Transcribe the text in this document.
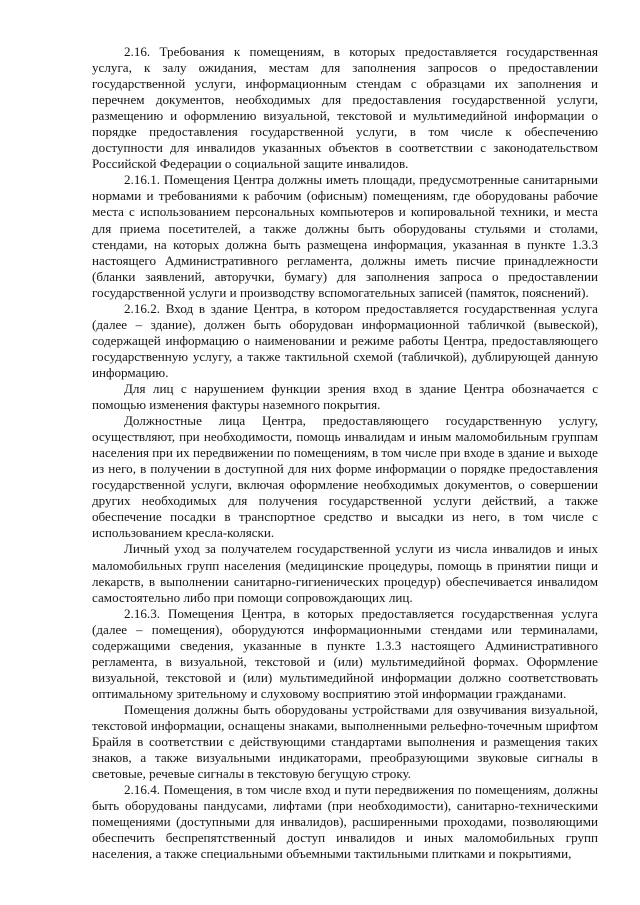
2.16. Требования к помещениям, в которых предоставляется государственная услуга, к залу ожидания, местам для заполнения запросов о предоставлении государственной услуги, информационным стендам с образцами их заполнения и перечнем документов, необходимых для предоставления государственной услуги, размещению и оформлению визуальной, текстовой и мультимедийной информации о порядке предоставления государственной услуги, в том числе к обеспечению доступности для инвалидов указанных объектов в соответствии с законодательством Российской Федерации о социальной защите инвалидов.

2.16.1. Помещения Центра должны иметь площади, предусмотренные санитарными нормами и требованиями к рабочим (офисным) помещениям, где оборудованы рабочие места с использованием персональных компьютеров и копировальной техники, и места для приема посетителей, а также должны быть оборудованы стульями и столами, стендами, на которых должна быть размещена информация, указанная в пункте 1.3.3 настоящего Административного регламента, должны иметь писчие принадлежности (бланки заявлений, авторучки, бумагу) для заполнения запроса о предоставлении государственной услуги и производству вспомогательных записей (памяток, пояснений).

2.16.2. Вход в здание Центра, в котором предоставляется государственная услуга (далее – здание), должен быть оборудован информационной табличкой (вывеской), содержащей информацию о наименовании и режиме работы Центра, предоставляющего государственную услугу, а также тактильной схемой (табличкой), дублирующей данную информацию.

Для лиц с нарушением функции зрения вход в здание Центра обозначается с помощью изменения фактуры наземного покрытия.

Должностные лица Центра, предоставляющего государственную услугу, осуществляют, при необходимости, помощь инвалидам и иным маломобильным группам населения при их передвижении по помещениям, в том числе при входе в здание и выходе из него, в получении в доступной для них форме информации о порядке предоставления государственной услуги, включая оформление необходимых документов, о совершении других необходимых для получения государственной услуги действий, а также обеспечение посадки в транспортное средство и высадки из него, в том числе с использованием кресла-коляски.

Личный уход за получателем государственной услуги из числа инвалидов и иных маломобильных групп населения (медицинские процедуры, помощь в принятии пищи и лекарств, в выполнении санитарно-гигиенических процедур) обеспечивается инвалидом самостоятельно либо при помощи сопровождающих лиц.

2.16.3. Помещения Центра, в которых предоставляется государственная услуга (далее – помещения), оборудуются информационными стендами или терминалами, содержащими сведения, указанные в пункте 1.3.3 настоящего Административного регламента, в визуальной, текстовой и (или) мультимедийной формах. Оформление визуальной, текстовой и (или) мультимедийной информации должно соответствовать оптимальному зрительному и слуховому восприятию этой информации гражданами.

Помещения должны быть оборудованы устройствами для озвучивания визуальной, текстовой информации, оснащены знаками, выполненными рельефно-точечным шрифтом Брайля в соответствии с действующими стандартами выполнения и размещения таких знаков, а также визуальными индикаторами, преобразующими звуковые сигналы в световые, речевые сигналы в текстовую бегущую строку.

2.16.4. Помещения, в том числе вход и пути передвижения по помещениям, должны быть оборудованы пандусами, лифтами (при необходимости), санитарно-техническими помещениями (доступными для инвалидов), расширенными проходами, позволяющими обеспечить беспрепятственный доступ инвалидов и иных маломобильных групп населения, а также специальными объемными тактильными плитками и покрытиями,
